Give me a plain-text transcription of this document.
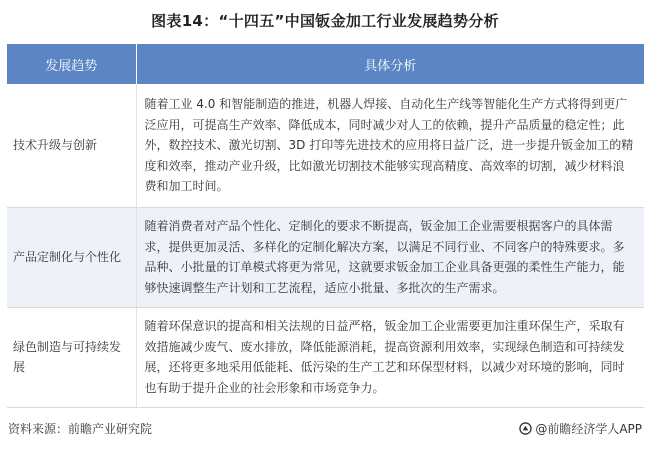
图表14：“十四五”中国钣金加工行业发展趋势分析
发展趋势	具体分析
技术升级与创新	随着工业 4.0 和智能制造的推进，机器人焊接、自动化生产线等智能化生产方式将得到更广泛应用，可提高生产效率、降低成本，同时减少对人工的依赖，提升产品质量的稳定性；此外，数控技术、激光切割、3D 打印等先进技术的应用将日益广泛，进一步提升钣金加工的精度和效率，推动产业升级，比如激光切割技术能够实现高精度、高效率的切割，减少材料浪费和加工时间。
产品定制化与个性化	随着消费者对产品个性化、定制化的要求不断提高，钣金加工企业需要根据客户的具体需求，提供更加灵活、多样化的定制化解决方案，以满足不同行业、不同客户的特殊要求。多品种、小批量的订单模式将更为常见，这就要求钣金加工企业具备更强的柔性生产能力，能够快速调整生产计划和工艺流程，适应小批量、多批次的生产需求。
绿色制造与可持续发展	随着环保意识的提高和相关法规的日益严格，钣金加工企业需要更加注重环保生产，采取有效措施减少废气、废水排放，降低能源消耗，提高资源利用效率，实现绿色制造和可持续发展，还将更多地采用低能耗、低污染的生产工艺和环保型材料，以减少对环境的影响，同时也有助于提升企业的社会形象和市场竞争力。
资料来源：前瞻产业研究院	@前瞻经济学人APP
